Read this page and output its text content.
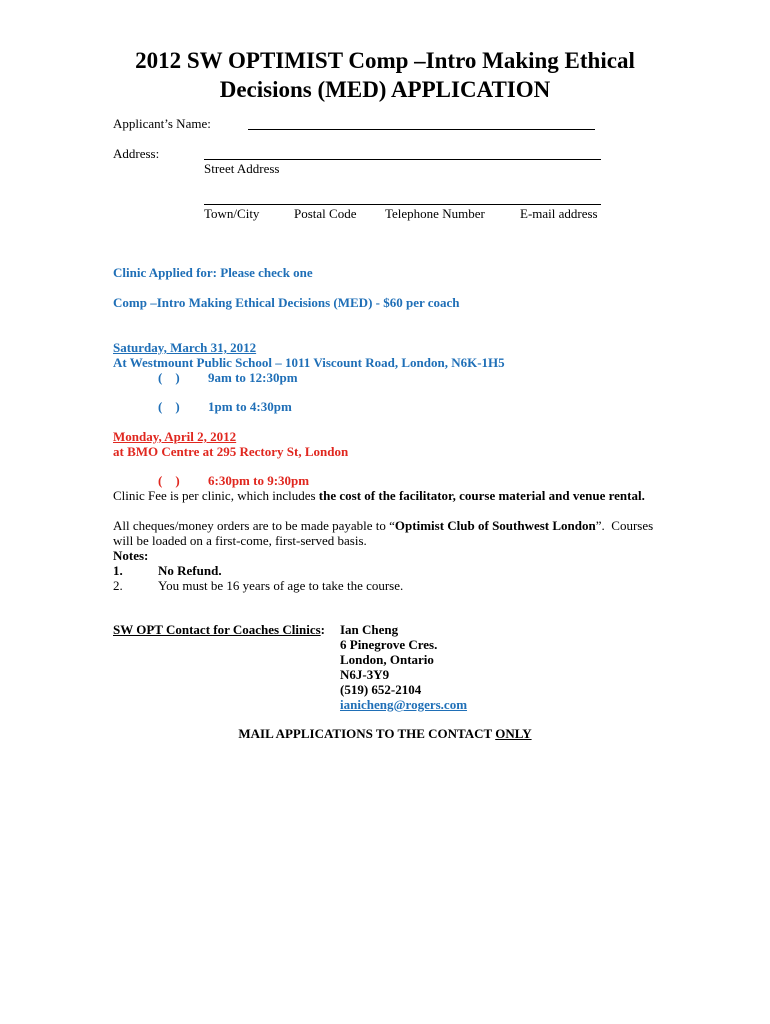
2012 SW OPTIMIST Comp –Intro Making Ethical
Decisions (MED) APPLICATION
Applicant’s Name:
Address:
Street Address
Town/City	Postal Code Telephone Number	E-mail address
Clinic Applied for: Please check one
Comp –Intro Making Ethical Decisions (MED) - $60 per coach
Saturday, March 31, 2012
At Westmount Public School – 1011 Viscount Road, London, N6K-1H5
(    ) 9am to 12:30pm
(    ) 1pm to 4:30pm
Monday, April 2, 2012
at BMO Centre at 295 Rectory St, London
(    ) 6:30pm to 9:30pm
Clinic Fee is per clinic, which includes the cost of the facilitator, course material and venue rental.
All cheques/money orders are to be made payable to “Optimist Club of Southwest London”.  Courses
will be loaded on a first-come, first-served basis.
Notes:
1.	No Refund.
2.	You must be 16 years of age to take the course.
SW OPT Contact for Coaches Clinics: Ian Cheng
6 Pinegrove Cres.
London, Ontario
N6J-3Y9
(519) 652-2104
ianicheng@rogers.com
MAIL APPLICATIONS TO THE CONTACT ONLY
